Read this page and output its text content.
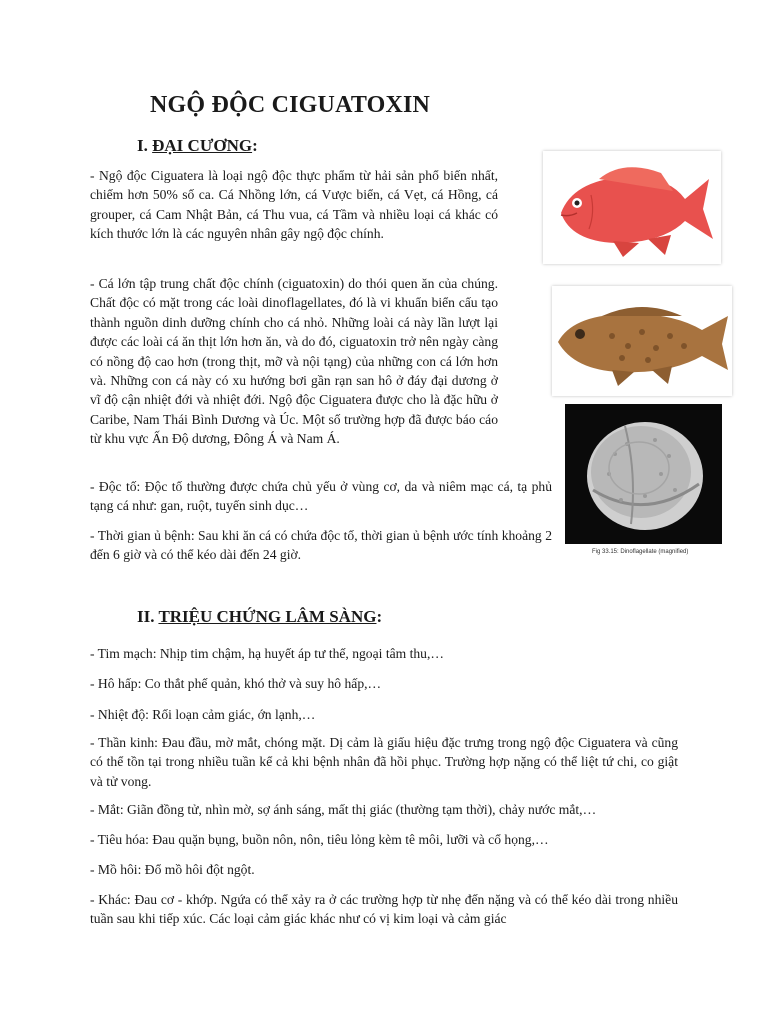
NGỘ ĐỘC CIGUATOXIN
I. ĐẠI CƯƠNG:

- Ngộ độc Ciguatera là loại ngộ độc thực phẩm từ hải sản phổ biến nhất, chiếm hơn 50% số ca. Cá Nhồng lớn, cá Vược biển, cá Vẹt, cá Hồng, cá grouper, cá Cam Nhật Bản, cá Thu vua, cá Tầm và nhiều loại cá khác có kích thước lớn là các nguyên nhân gây ngộ độc chính.

- Cá lớn tập trung chất độc chính (ciguatoxin) do thói quen ăn của chúng. Chất độc có mặt trong các loài dinoflagellates, đó là vi khuẩn biển cấu tạo thành nguồn dinh dưỡng chính cho cá nhỏ. Những loài cá này lần lượt lại được các loài cá ăn thịt lớn hơn ăn, và do đó, ciguatoxin trở nên ngày càng có nồng độ cao hơn (trong thịt, mỡ và nội tạng) của những con cá lớn hơn và. Những con cá này có xu hướng bơi gần rạn san hô ở đáy đại dương ở vĩ độ cận nhiệt đới và nhiệt đới. Ngộ độc Ciguatera được cho là đặc hữu ở Caribe, Nam Thái Bình Dương và Úc. Một số trường hợp đã được báo cáo từ khu vực Ấn Độ dương, Đông Á và Nam Á.

- Độc tố: Độc tố thường được chứa chủ yếu ở vùng cơ, da và niêm mạc cá, tạ phủ tạng cá như: gan, ruột, tuyến sinh dục…

- Thời gian ủ bệnh: Sau khi ăn cá có chứa độc tố, thời gian ủ bệnh ước tính khoảng 2 đến 6 giờ và có thể kéo dài đến 24 giờ.	Fig 33.15: Dinoflagellate (magnified)
II. TRIỆU CHỨNG LÂM SÀNG:

- Tim mạch: Nhịp tim chậm, hạ huyết áp tư thế, ngoại tâm thu,…

- Hô hấp: Co thắt phế quản, khó thở và suy hô hấp,…

- Nhiệt độ: Rối loạn cảm giác, ớn lạnh,…

- Thần kinh: Đau đầu, mờ mắt, chóng mặt. Dị cảm là giấu hiệu đặc trưng trong ngộ độc Ciguatera và cũng có thể tồn tại trong nhiều tuần kể cả khi bệnh nhân đã hồi phục. Trường hợp nặng có thể liệt tứ chi, co giật và tử vong.

- Mắt: Giãn đồng tử, nhìn mờ, sợ ánh sáng, mất thị giác (thường tạm thời), chảy nước mắt,…

- Tiêu hóa: Đau quặn bụng, buồn nôn, nôn, tiêu lỏng kèm tê môi, lưỡi và cổ họng,…

- Mồ hôi: Đổ mồ hôi đột ngột.

- Khác: Đau cơ - khớp. Ngứa có thể xảy ra ở các trường hợp từ nhẹ đến nặng và có thể kéo dài trong nhiều tuần sau khi tiếp xúc. Các loại cảm giác khác như có vị kim loại và cảm giác
